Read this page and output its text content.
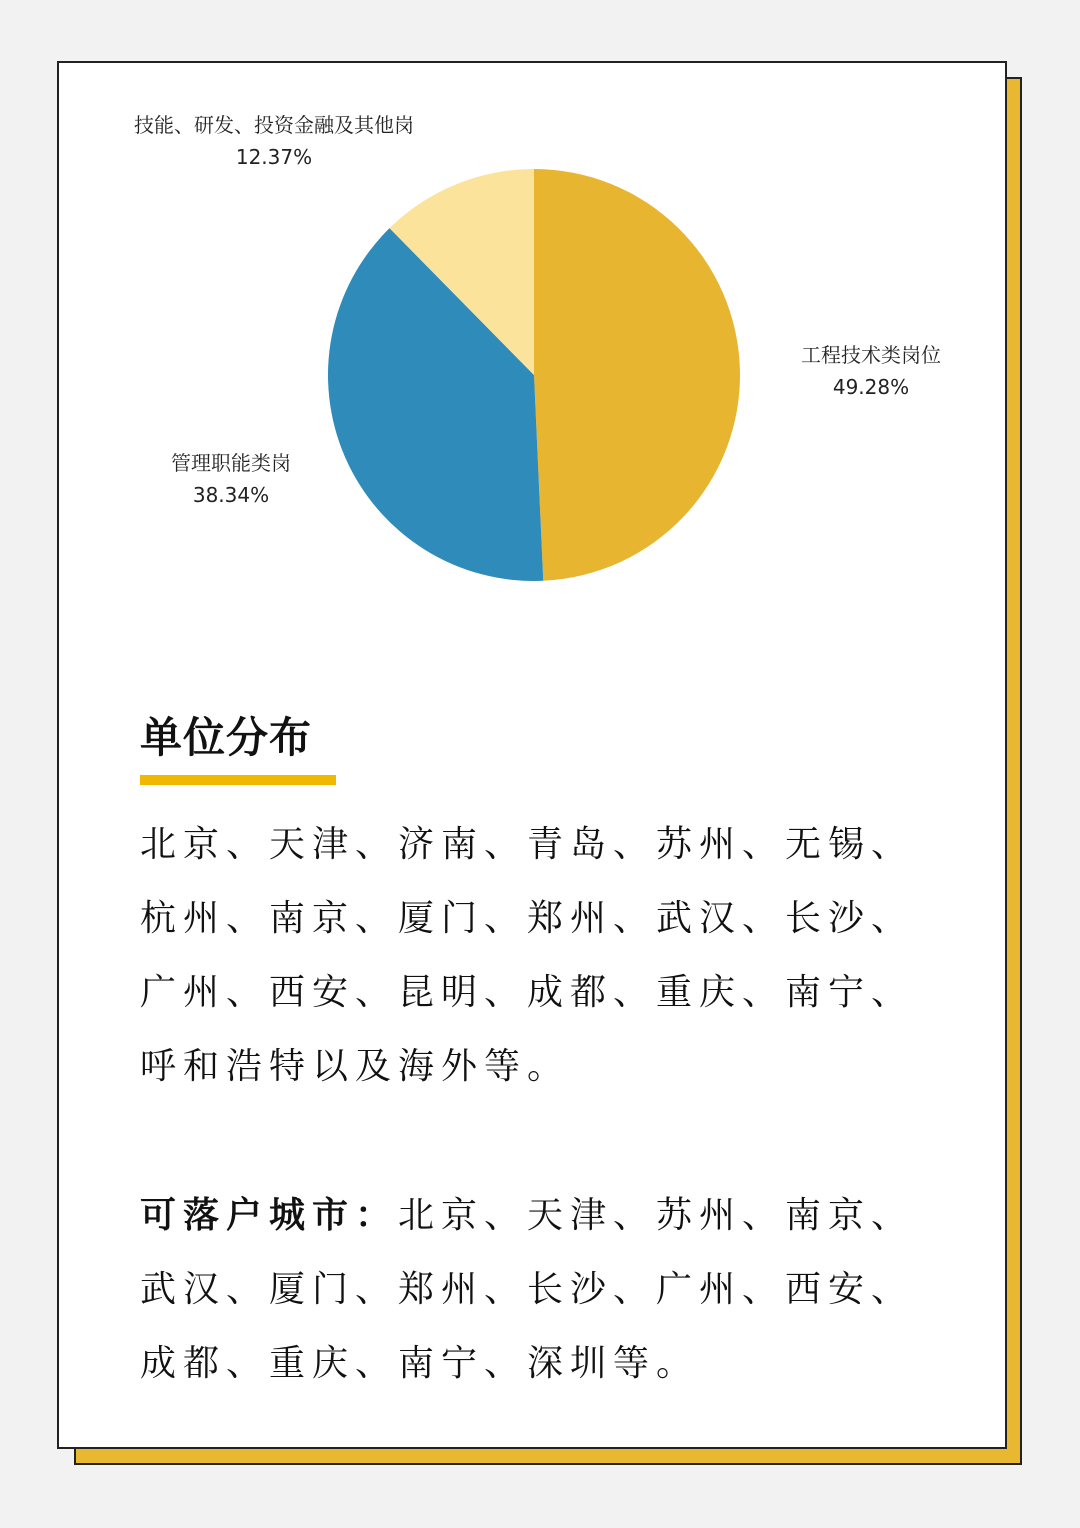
技能、研发、投资金融及其他岗
12.37%
工程技术类岗位
49.28%
管理职能类岗
38.34%
单位分布
北京、天津、济南、青岛、苏州、无锡、杭州、南京、厦门、郑州、武汉、长沙、广州、西安、昆明、成都、重庆、南宁、呼和浩特以及海外等。
可落户城市：北京、天津、苏州、南京、武汉、厦门、郑州、长沙、广州、西安、成都、重庆、南宁、深圳等。
